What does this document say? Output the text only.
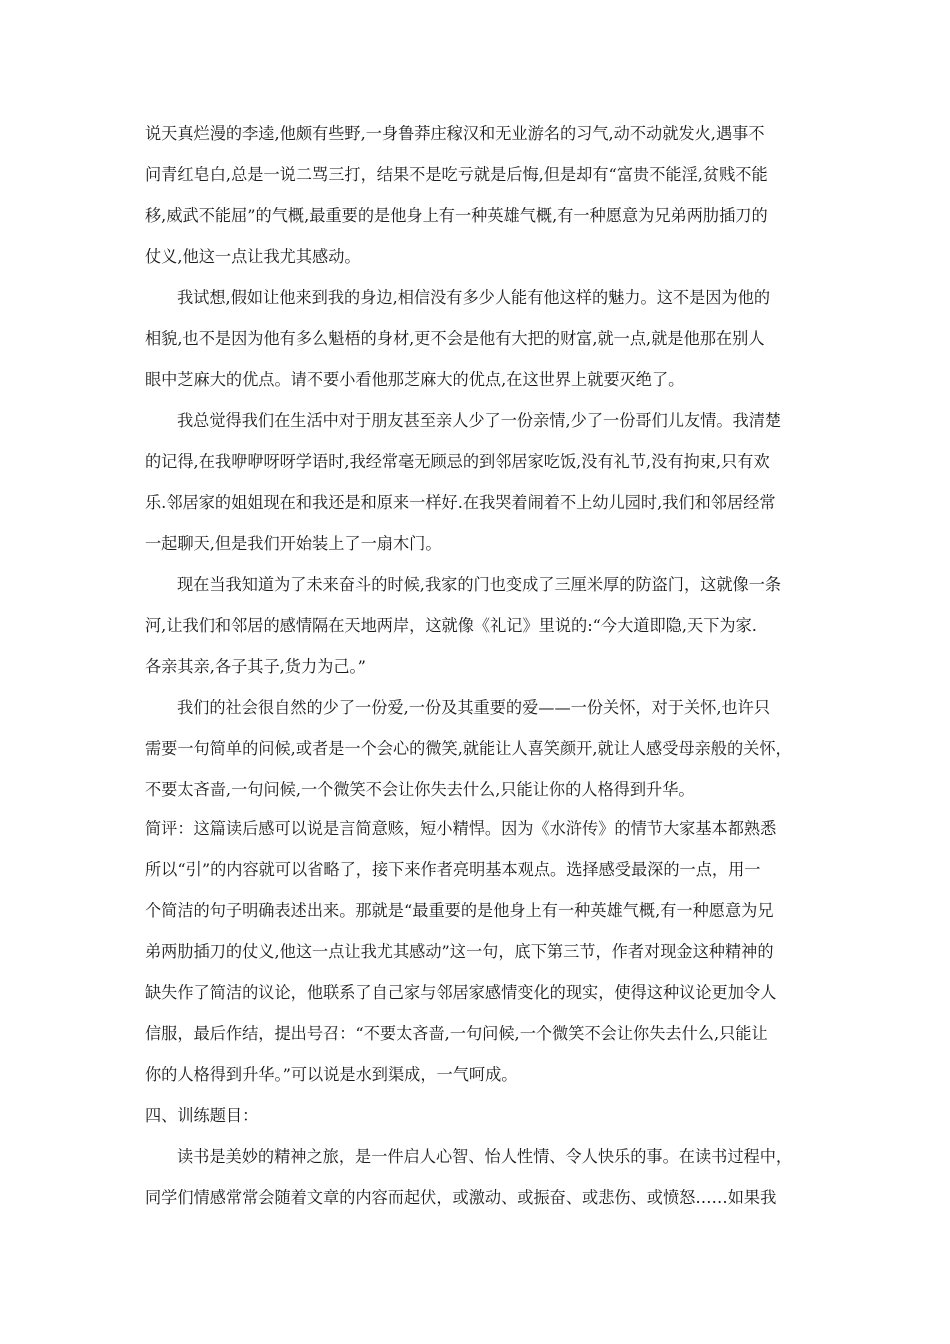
说天真烂漫的李逵,他颇有些野,一身鲁莽庄稼汉和无业游名的习气,动不动就发火,遇事不
问青红皂白,总是一说二骂三打，结果不是吃亏就是后悔,但是却有“富贵不能淫,贫贱不能
移,威武不能屈”的气概,最重要的是他身上有一种英雄气概,有一种愿意为兄弟两肋插刀的
仗义,他这一点让我尤其感动。
我试想,假如让他来到我的身边,相信没有多少人能有他这样的魅力。这不是因为他的
相貌,也不是因为他有多么魁梧的身材,更不会是他有大把的财富,就一点,就是他那在别人
眼中芝麻大的优点。请不要小看他那芝麻大的优点,在这世界上就要灭绝了。
我总觉得我们在生活中对于朋友甚至亲人少了一份亲情,少了一份哥们儿友情。我清楚
的记得,在我咿咿呀呀学语时,我经常毫无顾忌的到邻居家吃饭,没有礼节,没有拘束,只有欢
乐.邻居家的姐姐现在和我还是和原来一样好.在我哭着闹着不上幼儿园时,我们和邻居经常
一起聊天,但是我们开始装上了一扇木门。
现在当我知道为了未来奋斗的时候,我家的门也变成了三厘米厚的防盗门，这就像一条
河,让我们和邻居的感情隔在天地两岸，这就像《礼记》里说的:“今大道即隐,天下为家.
各亲其亲,各子其子,货力为己。”
我们的社会很自然的少了一份爱,一份及其重要的爱——一份关怀，对于关怀,也许只
需要一句简单的问候,或者是一个会心的微笑,就能让人喜笑颜开,就让人感受母亲般的关怀，
不要太吝啬,一句问候,一个微笑不会让你失去什么,只能让你的人格得到升华。
简评：这篇读后感可以说是言简意赅，短小精悍。因为《水浒传》的情节大家基本都熟悉
所以“引”的内容就可以省略了，接下来作者亮明基本观点。选择感受最深的一点，用一
个简洁的句子明确表述出来。那就是“最重要的是他身上有一种英雄气概,有一种愿意为兄
弟两肋插刀的仗义,他这一点让我尤其感动”这一句，底下第三节，作者对现金这种精神的
缺失作了简洁的议论，他联系了自己家与邻居家感情变化的现实，使得这种议论更加令人
信服，最后作结，提出号召：“不要太吝啬,一句问候,一个微笑不会让你失去什么,只能让
你的人格得到升华。”可以说是水到渠成，一气呵成。
四、训练题目：
读书是美妙的精神之旅，是一件启人心智、怡人性情、令人快乐的事。在读书过程中，
同学们情感常常会随着文章的内容而起伏，或激动、或振奋、或悲伤、或愤怒……如果我
